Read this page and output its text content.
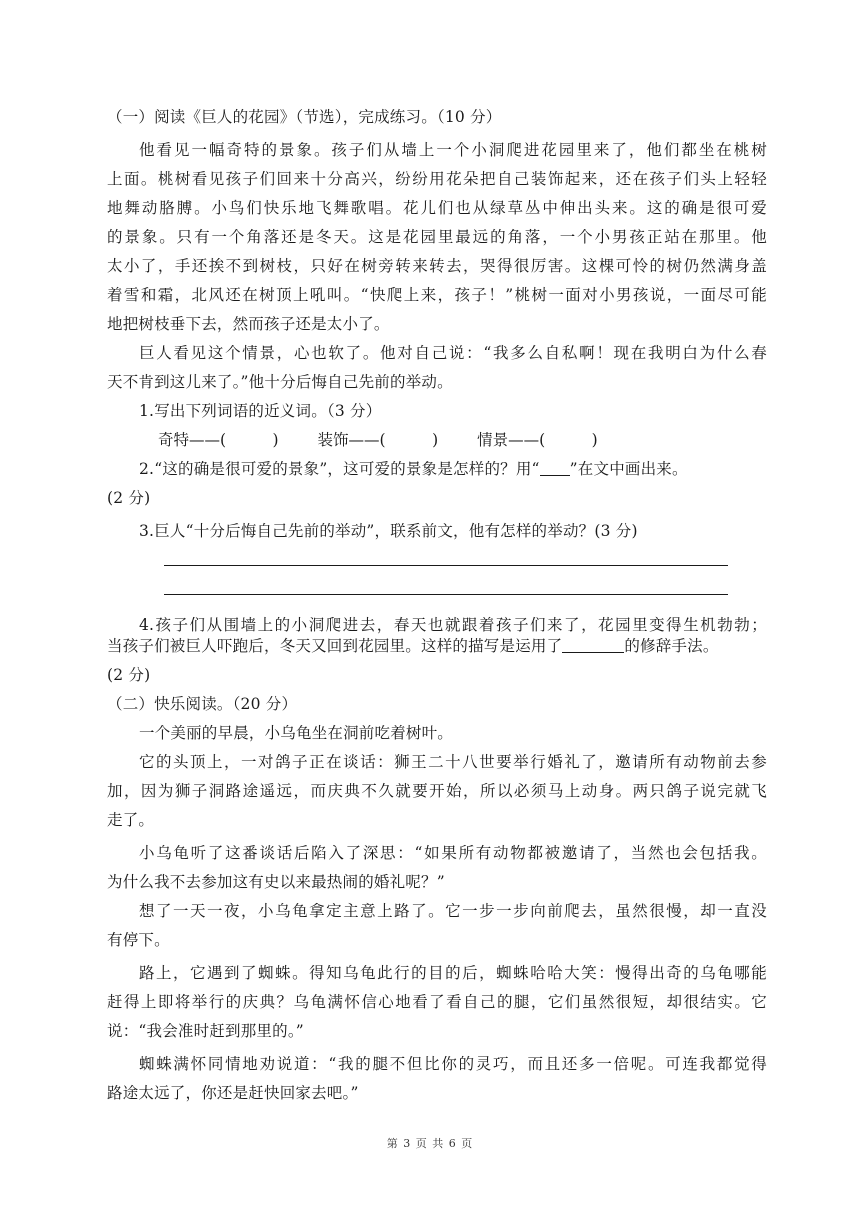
（一）阅读《巨人的花园》（节选），完成练习。（10 分）
他看见一幅奇特的景象。孩子们从墙上一个小洞爬进花园里来了，他们都坐在桃树
上面。桃树看见孩子们回来十分高兴，纷纷用花朵把自己装饰起来，还在孩子们头上轻轻
地舞动胳膊。小鸟们快乐地飞舞歌唱。花儿们也从绿草丛中伸出头来。这的确是很可爱
的景象。只有一个角落还是冬天。这是花园里最远的角落，一个小男孩正站在那里。他
太小了，手还挨不到树枝，只好在树旁转来转去，哭得很厉害。这棵可怜的树仍然满身盖
着雪和霜，北风还在树顶上吼叫。“快爬上来，孩子！”桃树一面对小男孩说，一面尽可能
地把树枝垂下去，然而孩子还是太小了。
巨人看见这个情景，心也软了。他对自己说：“我多么自私啊！现在我明白为什么春
天不肯到这儿来了。”他十分后悔自己先前的举动。
1.写出下列词语的近义词。（3 分）
奇特——(　　　)	装饰——(　　　)	情景——(　　　)
2.“这的确是很可爱的景象”，这可爱的景象是怎样的？用“ ”在文中画出来。
(2 分)
3.巨人“十分后悔自己先前的举动”，联系前文，他有怎样的举动？(3 分)
4.孩子们从围墙上的小洞爬进去，春天也就跟着孩子们来了，花园里变得生机勃勃；
当孩子们被巨人吓跑后，冬天又回到花园里。这样的描写是运用了	的修辞手法。
(2 分)
（二）快乐阅读。（20 分）
一个美丽的早晨，小乌龟坐在洞前吃着树叶。
它的头顶上，一对鸽子正在谈话：狮王二十八世要举行婚礼了，邀请所有动物前去参
加，因为狮子洞路途遥远，而庆典不久就要开始，所以必须马上动身。两只鸽子说完就飞
走了。
小乌龟听了这番谈话后陷入了深思：“如果所有动物都被邀请了，当然也会包括我。
为什么我不去参加这有史以来最热闹的婚礼呢？”
想了一天一夜，小乌龟拿定主意上路了。它一步一步向前爬去，虽然很慢，却一直没
有停下。
路上，它遇到了蜘蛛。得知乌龟此行的目的后，蜘蛛哈哈大笑：慢得出奇的乌龟哪能
赶得上即将举行的庆典？乌龟满怀信心地看了看自己的腿，它们虽然很短，却很结实。它
说：“我会准时赶到那里的。”
蜘蛛满怀同情地劝说道：“我的腿不但比你的灵巧，而且还多一倍呢。可连我都觉得
路途太远了，你还是赶快回家去吧。”
第 3 页 共 6 页
